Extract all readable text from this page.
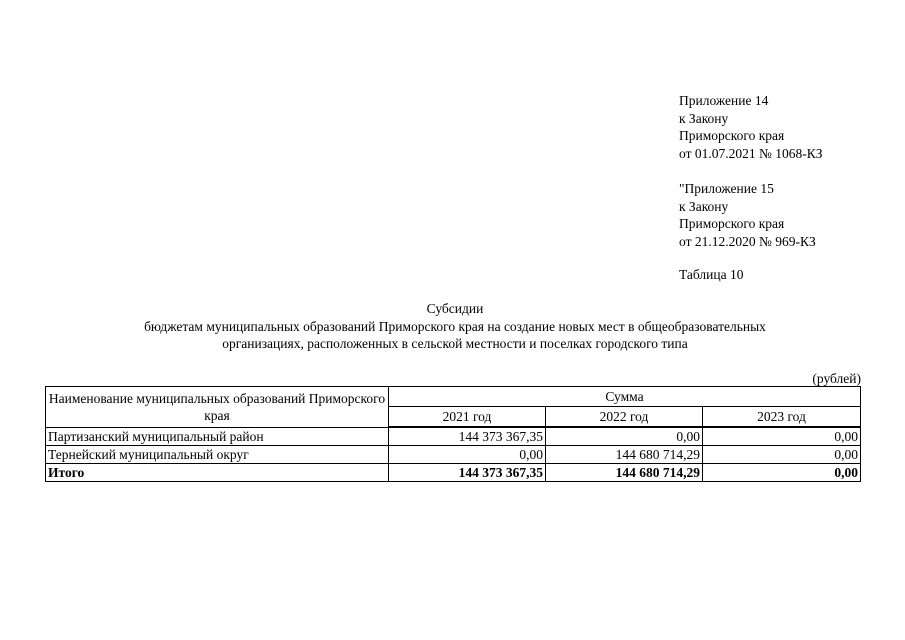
Приложение 14
к Закону
Приморского края
от 01.07.2021 № 1068-КЗ
"Приложение 15
к Закону
Приморского края
от 21.12.2020 № 969-КЗ
Таблица 10
Субсидии
бюджетам муниципальных образований Приморского края на создание новых мест в общеобразовательных
организациях, расположенных в сельской местности и поселках городского типа
(рублей)
Наименование муниципальных образований Приморского края	Сумма		
	2021 год	2022 год	2023 год
Партизанский муниципальный район	144 373 367,35	0,00	0,00
Тернейский муниципальный округ	0,00	144 680 714,29	0,00
Итого	144 373 367,35	144 680 714,29	0,00
